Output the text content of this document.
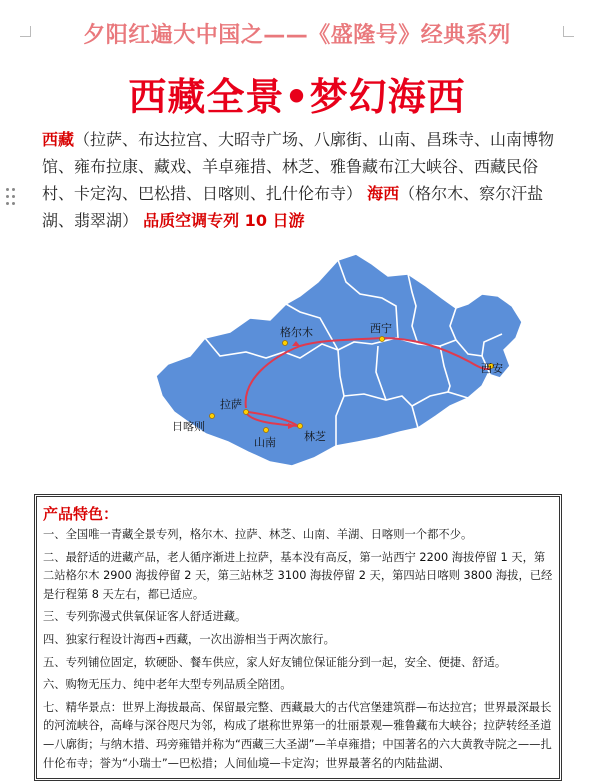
夕阳红遍大中国之——《盛隆号》经典系列
西藏全景•梦幻海西
西藏（拉萨、布达拉宫、大昭寺广场、八廓街、山南、昌珠寺、山南博物馆、雍布拉康、藏戏、羊卓雍措、林芝、雅鲁藏布江大峡谷、西藏民俗村、卡定沟、巴松措、日喀则、扎什伦布寺） 海西（格尔木、察尔汗盐湖、翡翠湖） 品质空调专列 10 日游
格尔木	西宁
西安
拉萨
日喀则
山南	林芝
产品特色：
一、全国唯一青藏全景专列，格尔木、拉萨、林芝、山南、羊湖、日喀则一个都不少。
二、最舒适的进藏产品，老人循序渐进上拉萨，基本没有高反，第一站西宁 2200 海拔停留 1 天，第二站格尔木 2900 海拔停留 2 天，第三站林芝 3100 海拔停留 2 天，第四站日喀则 3800 海拔，已经是行程第 8 天左右，都已适应。
三、专列弥漫式供氧保证客人舒适进藏。
四、独家行程设计海西+西藏，一次出游相当于两次旅行。
五、专列铺位固定，软硬卧、餐车供应，家人好友铺位保证能分到一起，安全、便捷、舒适。
六、购物无压力、纯中老年大型专列品质全陪团。
七、精华景点：世界上海拔最高、保留最完整、西藏最大的古代宫堡建筑群—布达拉宫；世界最深最长的河流峡谷，高峰与深谷咫尺为邻，构成了堪称世界第一的壮丽景观—雅鲁藏布大峡谷；拉萨转经圣道—八廓街；与纳木措、玛旁雍错并称为“西藏三大圣湖”—羊卓雍措；中国著名的六大黄教寺院之——扎什伦布寺；誉为“小瑞士”—巴松措；人间仙境—卡定沟；世界最著名的内陆盐湖、
